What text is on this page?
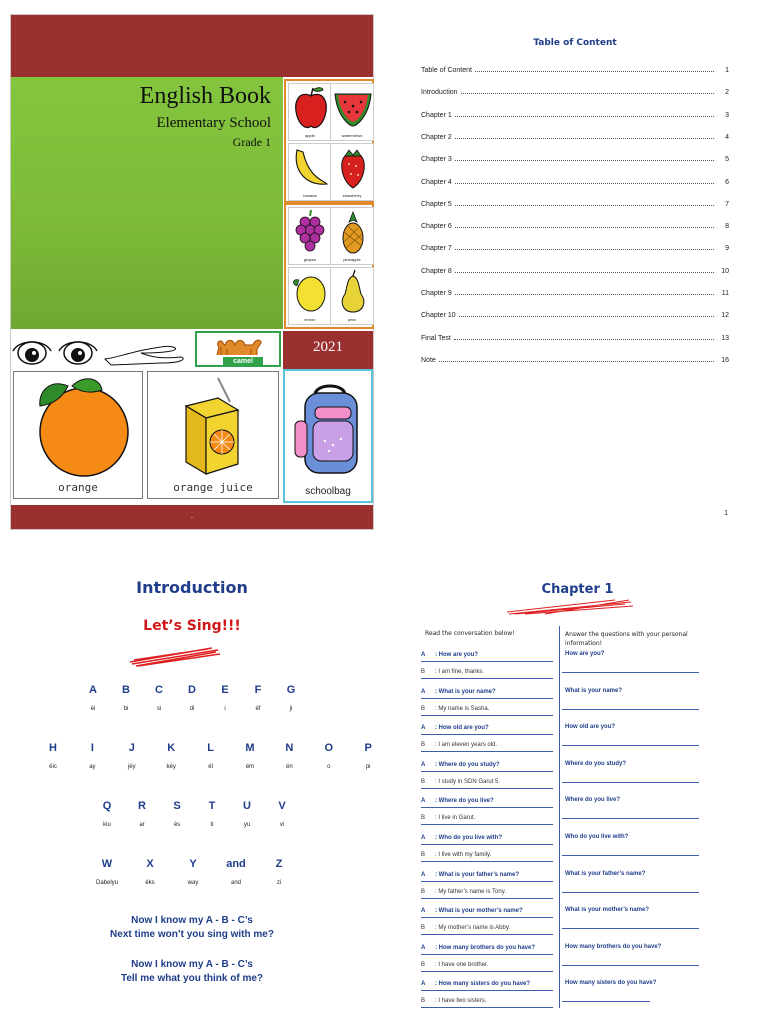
English Book
Elementary School
Grade 1	apple	watermelon
banana	strawberry
grapes	pineapple
lemon	pear
camel
2021
orange	orange juice	schoolbag
.
Table of Content
Table of Content	1
Introduction	2
Chapter 1	3
Chapter 2	4
Chapter 3	5
Chapter 4	6
Chapter 5	7
Chapter 6	8
Chapter 7	9
Chapter 8	10
Chapter 9	11
Chapter 10	12
Final Test	13
Note	16
1
Introduction
Let’s Sing!!!
A
éi
B
bi
C
si
D
di
E
i
F
éf
G
ji
H
éic
I
ay
J
jéy
K
kéy
L
él
M
ém
N
én
O
o
P
pi
Q
kiu
R
ar
S
és
T
ti
U
yu
V
vi
W
Dabelyu
X
éks
Y
way
and
and
Z
zi
Now I know my A - B - C’s
Next time won’t you sing with me?
Now I know my A - B - C’s
Tell me what you think of me?
Chapter 1
Read the conversation below!	Answer the questions with your personal information!
A : How are you?
B : I am fine, thanks.
How are you?
A : What is your name?
B : My name is Sasha.
What is your name?
A : How old are you?
B : I am eleven years old.
How old are you?
A : Where do you study?
B : I study in SDN Garut 5.
Where do you study?
A : Where do you live?
B : I live in Garut.
Where do you live?
A : Who do you live with?
B : I live with my family.
Who do you live with?
A : What is your father’s name?
B : My father’s name is Tony.
What is your father’s name?
A : What is your mother’s name?
B : My mother’s name is Abby.
What is your mother’s name?
A : How many brothers do you have?
B : I have one brother.
How many brothers do you have?
A : How many sisters do you have?
B : I have two sisters.
How many sisters do you have?
